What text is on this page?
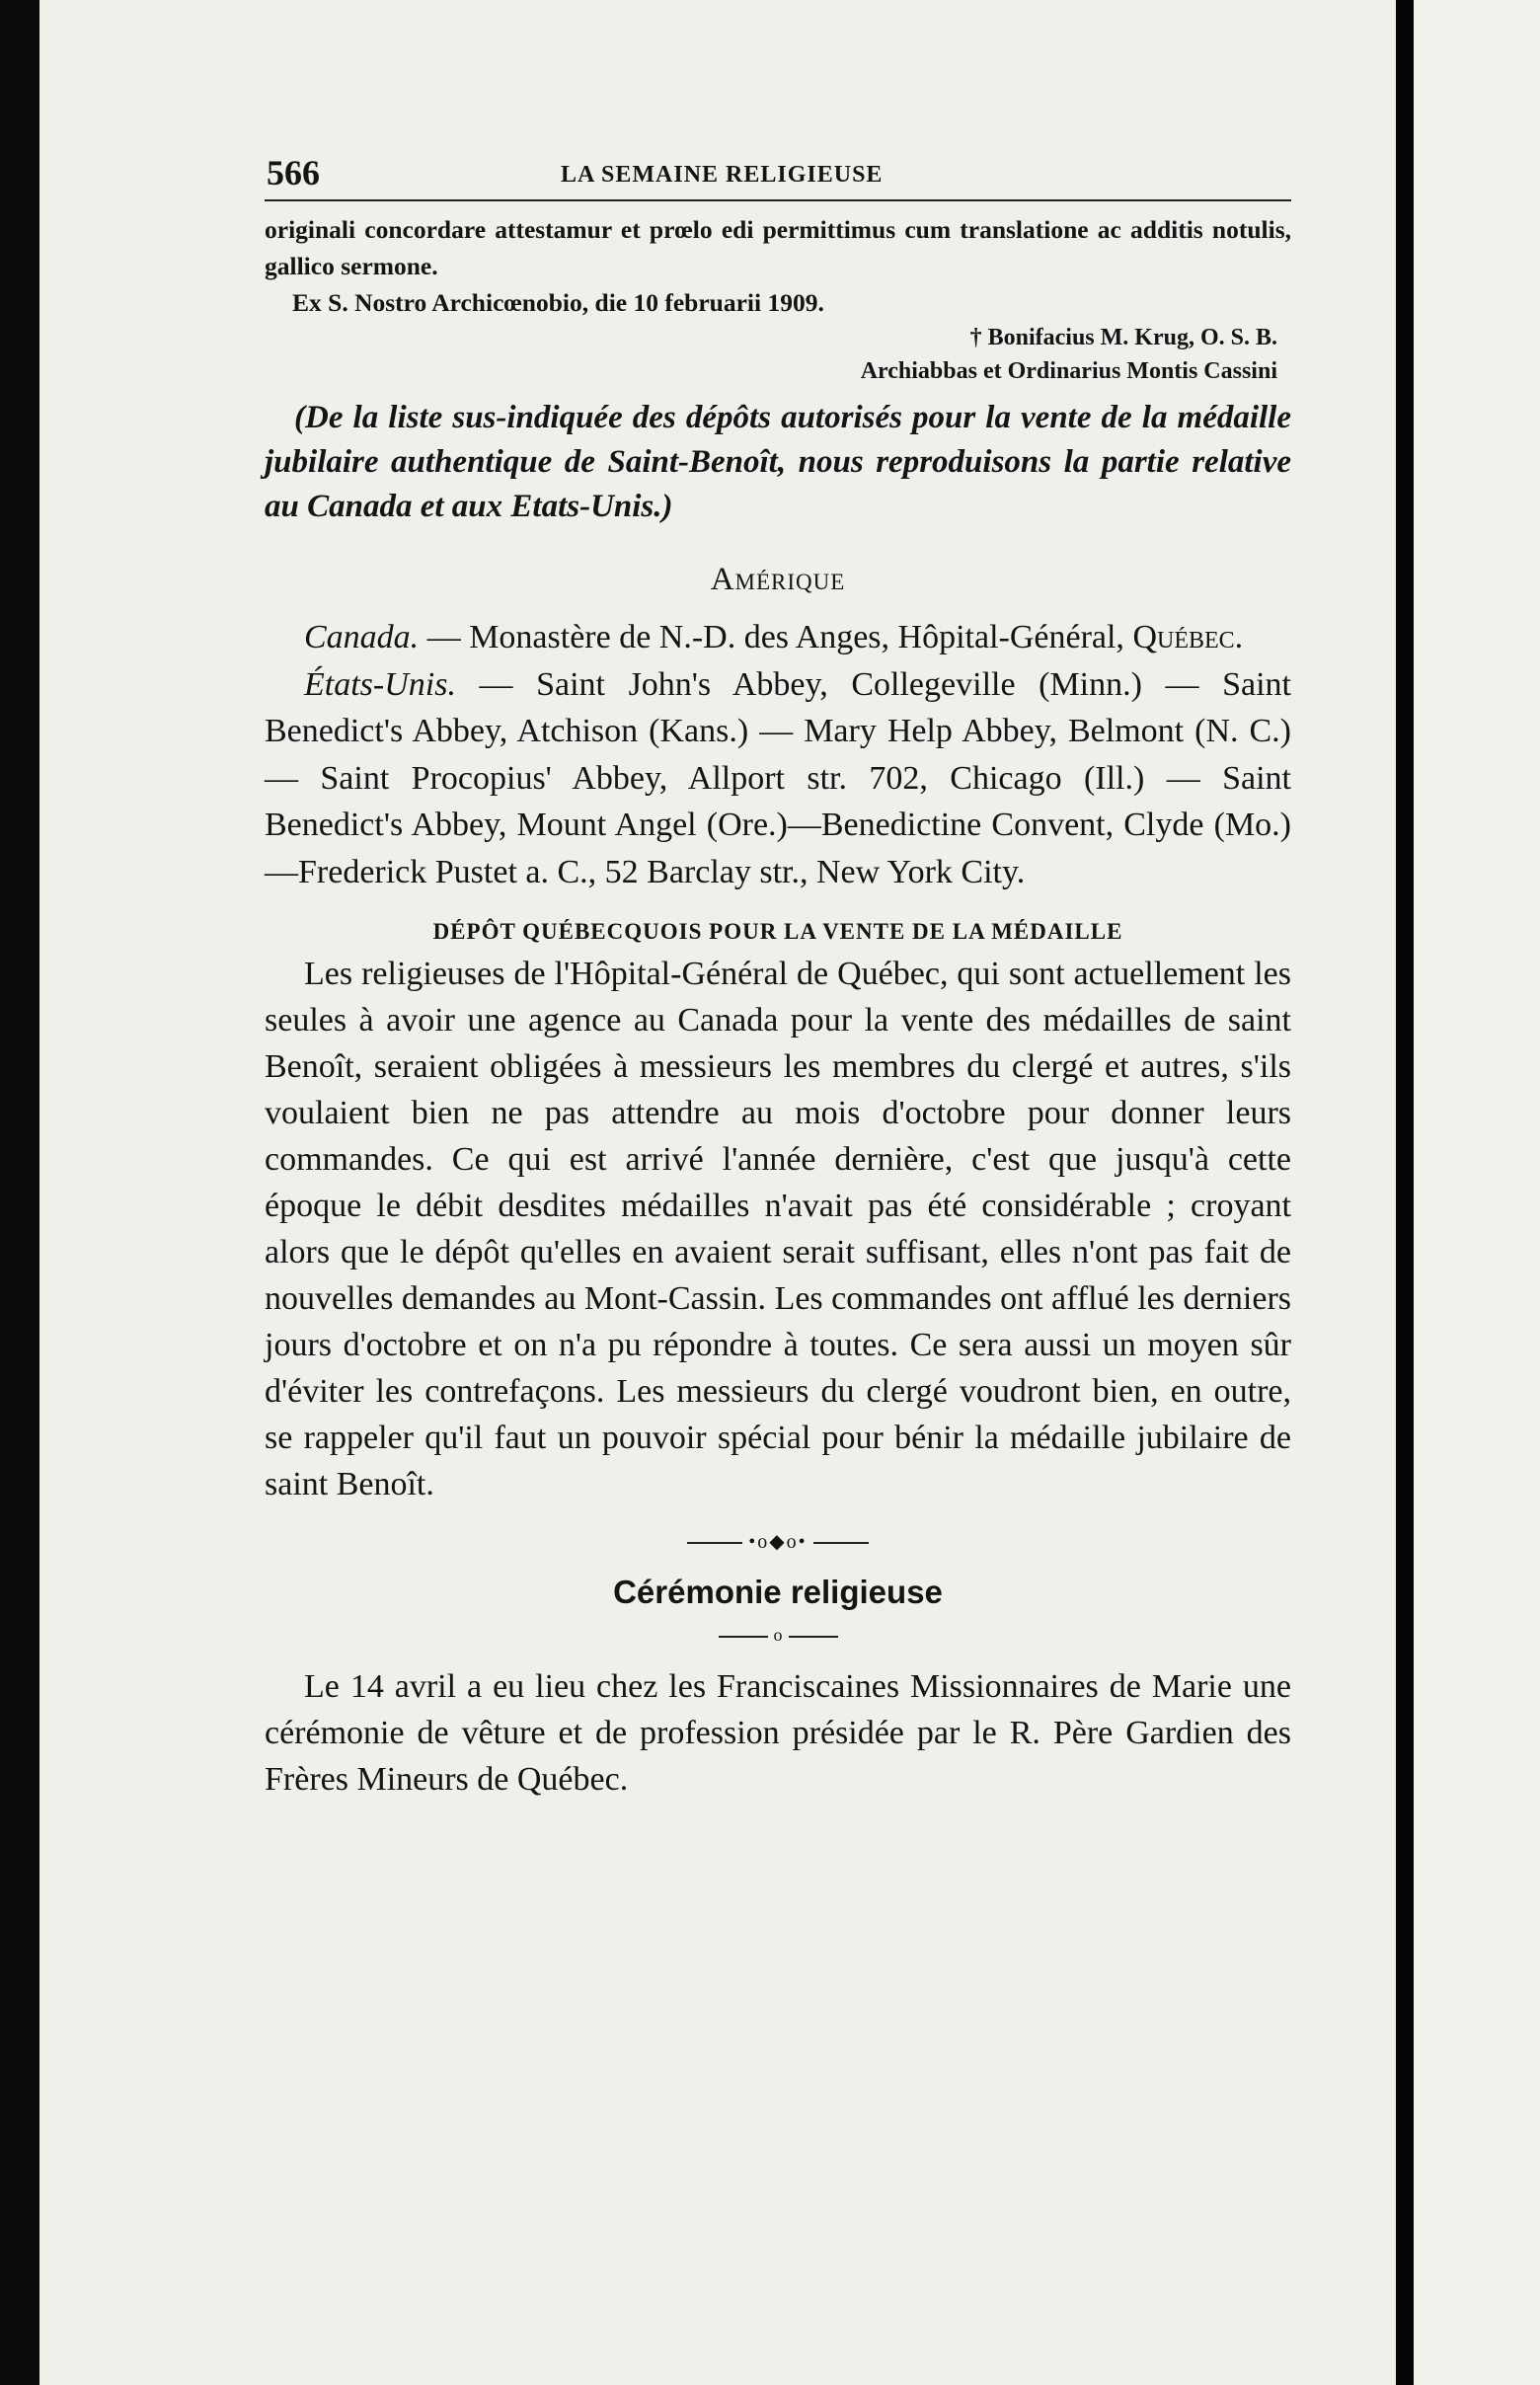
566	LA SEMAINE RELIGIEUSE
originali concordare attestamur et prœlo edi permittimus cum translatione ac additis notulis, gallico sermone.
Ex S. Nostro Archicœnobio, die 10 februarii 1909.
† Bonifacius M. Krug, O. S. B.
Archiabbas et Ordinarius Montis Cassini

(De la liste sus-indiquée des dépôts autorisés pour la vente de la médaille jubilaire authentique de Saint-Benoît, nous reproduisons la partie relative au Canada et aux Etats-Unis.)

Amérique

Canada. — Monastère de N.-D. des Anges, Hôpital-Général, Québec.

États-Unis. — Saint John's Abbey, Collegeville (Minn.) — Saint Benedict's Abbey, Atchison (Kans.) — Mary Help Abbey, Belmont (N. C.) — Saint Procopius' Abbey, Allport str. 702, Chicago (Ill.) — Saint Benedict's Abbey, Mount Angel (Ore.)—Benedictine Convent, Clyde (Mo.)—Frederick Pustet a. C., 52 Barclay str., New York City.

DÉPÔT QUÉBECQUOIS POUR LA VENTE DE LA MÉDAILLE

Les religieuses de l'Hôpital-Général de Québec, qui sont actuellement les seules à avoir une agence au Canada pour la vente des médailles de saint Benoît, seraient obligées à messieurs les membres du clergé et autres, s'ils voulaient bien ne pas attendre au mois d'octobre pour donner leurs commandes. Ce qui est arrivé l'année dernière, c'est que jusqu'à cette époque le débit desdites médailles n'avait pas été considérable ; croyant alors que le dépôt qu'elles en avaient serait suffisant, elles n'ont pas fait de nouvelles demandes au Mont-Cassin. Les commandes ont afflué les derniers jours d'octobre et on n'a pu répondre à toutes. Ce sera aussi un moyen sûr d'éviter les contrefaçons. Les messieurs du clergé voudront bien, en outre, se rappeler qu'il faut un pouvoir spécial pour bénir la médaille jubilaire de saint Benoît.

•o◆o•
Cérémonie religieuse
o

Le 14 avril a eu lieu chez les Franciscaines Missionnaires de Marie une cérémonie de vêture et de profession présidée par le R. Père Gardien des Frères Mineurs de Québec.
